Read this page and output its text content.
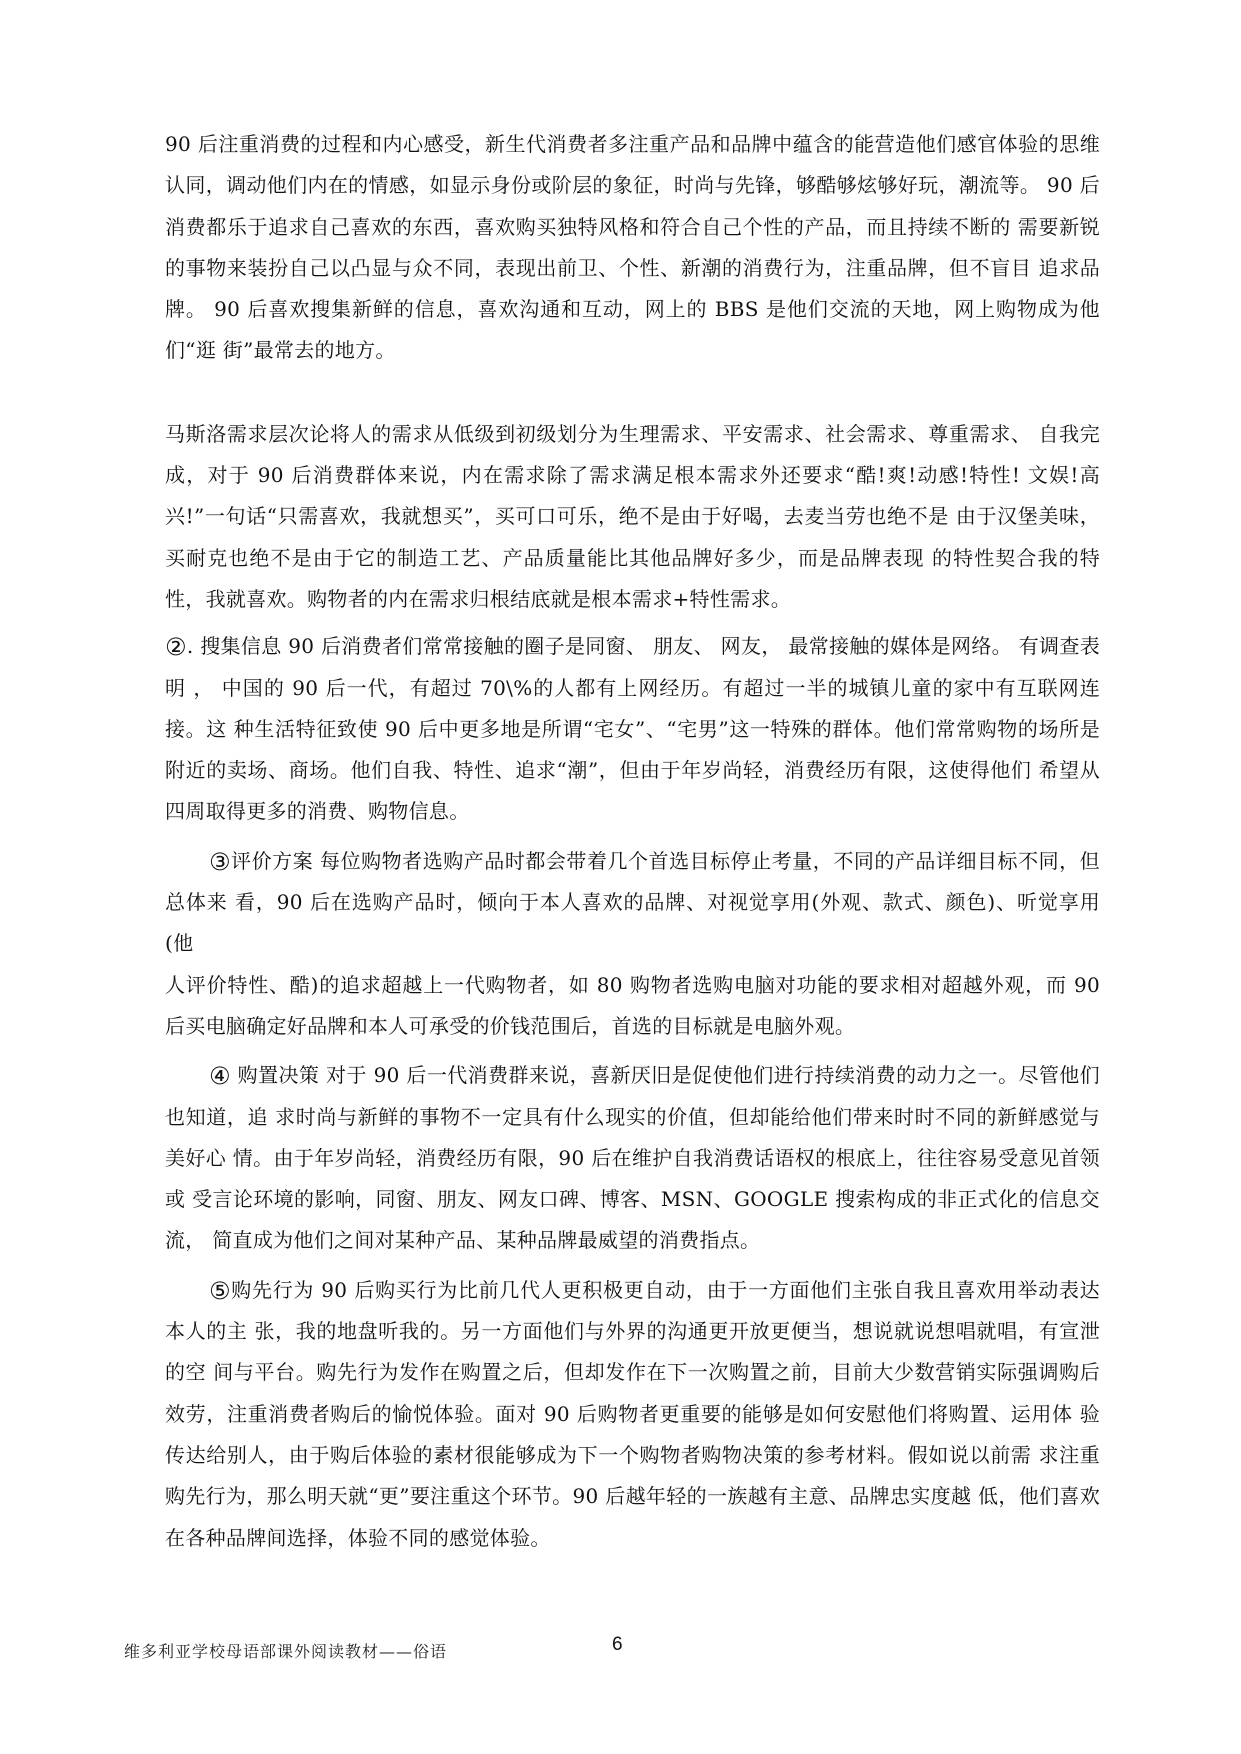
90 后注重消费的过程和内心感受，新生代消费者多注重产品和品牌中蕴含的能营造他们感官体验的思维认同，调动他们内在的情感，如显示身份或阶层的象征，时尚与先锋，够酷够炫够好玩，潮流等。 90 后消费都乐于追求自己喜欢的东西，喜欢购买独特风格和符合自己个性的产品，而且持续不断的 需要新锐的事物来装扮自己以凸显与众不同，表现出前卫、个性、新潮的消费行为，注重品牌，但不盲目 追求品牌。 90 后喜欢搜集新鲜的信息，喜欢沟通和互动，网上的 BBS 是他们交流的天地，网上购物成为他们“逛 街”最常去的地方。

马斯洛需求层次论将人的需求从低级到初级划分为生理需求、平安需求、社会需求、尊重需求、 自我完成，对于 90 后消费群体来说，内在需求除了需求满足根本需求外还要求“酷!爽!动感!特性! 文娱!高兴!”一句话“只需喜欢，我就想买”，买可口可乐，绝不是由于好喝，去麦当劳也绝不是 由于汉堡美味，买耐克也绝不是由于它的制造工艺、产品质量能比其他品牌好多少，而是品牌表现 的特性契合我的特性，我就喜欢。购物者的内在需求归根结底就是根本需求+特性需求。

②. 搜集信息 90 后消费者们常常接触的圈子是同窗、 朋友、 网友， 最常接触的媒体是网络。 有调查表明 ， 中国的 90 后一代，有超过 70\%的人都有上网经历。有超过一半的城镇儿童的家中有互联网连接。这 种生活特征致使 90 后中更多地是所谓“宅女”、“宅男”这一特殊的群体。他们常常购物的场所是 附近的卖场、商场。他们自我、特性、追求“潮”，但由于年岁尚轻，消费经历有限，这使得他们 希望从四周取得更多的消费、购物信息。

③评价方案 每位购物者选购产品时都会带着几个首选目标停止考量，不同的产品详细目标不同，但总体来 看，90 后在选购产品时，倾向于本人喜欢的品牌、对视觉享用(外观、款式、颜色)、听觉享用(他

人评价特性、酷)的追求超越上一代购物者，如 80 购物者选购电脑对功能的要求相对超越外观，而 90 后买电脑确定好品牌和本人可承受的价钱范围后，首选的目标就是电脑外观。

④ 购置决策 对于 90 后一代消费群来说，喜新厌旧是促使他们进行持续消费的动力之一。尽管他们也知道，追 求时尚与新鲜的事物不一定具有什么现实的价值，但却能给他们带来时时不同的新鲜感觉与美好心 情。由于年岁尚轻，消费经历有限，90 后在维护自我消费话语权的根底上，往往容易受意见首领或 受言论环境的影响，同窗、朋友、网友口碑、博客、MSN、GOOGLE 搜索构成的非正式化的信息交流， 简直成为他们之间对某种产品、某种品牌最威望的消费指点。

⑤购先行为 90 后购买行为比前几代人更积极更自动，由于一方面他们主张自我且喜欢用举动表达本人的主 张，我的地盘听我的。另一方面他们与外界的沟通更开放更便当，想说就说想唱就唱，有宣泄的空 间与平台。购先行为发作在购置之后，但却发作在下一次购置之前，目前大少数营销实际强调购后 效劳，注重消费者购后的愉悦体验。面对 90 后购物者更重要的能够是如何安慰他们将购置、运用体 验传达给别人，由于购后体验的素材很能够成为下一个购物者购物决策的参考材料。假如说以前需 求注重购先行为，那么明天就“更”要注重这个环节。90 后越年轻的一族越有主意、品牌忠实度越 低，他们喜欢在各种品牌间选择，体验不同的感觉体验。

维多利亚学校母语部课外阅读教材——俗语	6
